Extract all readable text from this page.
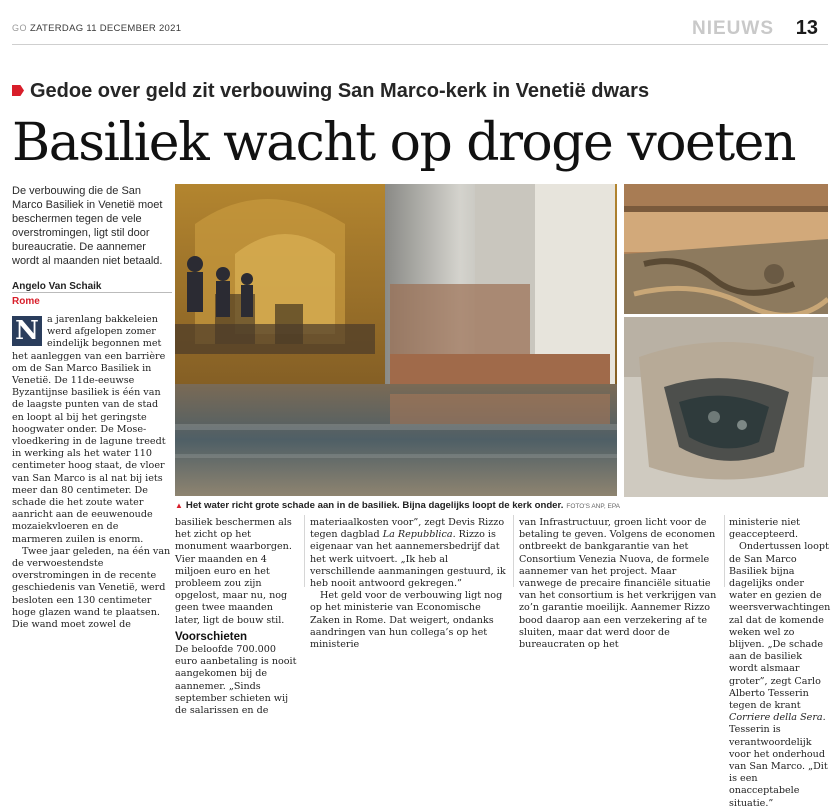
GO ZATERDAG 11 DECEMBER 2021	NIEUWS 13
Gedoe over geld zit verbouwing San Marco-kerk in Venetië dwars
Basiliek wacht op droge voeten
De verbouwing die de San Marco Basiliek in Venetië moet beschermen tegen de vele overstromingen, ligt stil door bureaucratie. De aannemer wordt al maanden niet betaald.
Angelo Van Schaik
Rome

N a jarenlang bakkeleien werd afgelopen zomer eindelijk begonnen met het aanleggen van een barrière om de San Marco Basiliek in Venetië. De 11de-eeuwse Byzantijnse basiliek is één van de laagste punten van de stad en loopt al bij het geringste hoogwater onder. De Mose-vloedkering in de lagune treedt in werking als het water 110 centimeter hoog staat, de vloer van San Marco is al nat bij iets meer dan 80 centimeter. De schade die het zoute water aanricht aan de eeuwenoude mozaiekvloeren en de marmeren zuilen is enorm.

Twee jaar geleden, na één van de verwoestendste overstromingen in de recente geschiedenis van Venetië, werd besloten een 130 centimeter hoge glazen wand te plaatsen. Die wand moet zowel de

▲ Het water richt grote schade aan in de basiliek. Bijna dagelijks loopt de kerk onder. FOTO'S ANP, EPA

basiliek beschermen als het zicht op het monument waarborgen. Vier maanden en 4 miljoen euro en het probleem zou zijn opgelost, maar nu, nog geen twee maanden later, ligt de bouw stil.

Voorschieten

De beloofde 700.000 euro aanbetaling is nooit aangekomen bij de aannemer. „Sinds september schieten wij de salarissen en de

materiaalkosten voor”, zegt Devis Rizzo tegen dagblad La Repubblica. Rizzo is eigenaar van het aannemersbedrijf dat het werk uitvoert. „Ik heb al verschillende aanmaningen gestuurd, ik heb nooit antwoord gekregen.”

Het geld voor de verbouwing ligt nog op het ministerie van Economische Zaken in Rome. Dat weigert, ondanks aandringen van hun collega’s op het ministerie

van Infrastructuur, groen licht voor de betaling te geven. Volgens de economen ontbreekt de bankgarantie van het Consortium Venezia Nuova, de formele aannemer van het project. Maar vanwege de precaire financiële situatie van het consortium is het verkrijgen van zo’n garantie moeilijk. Aannemer Rizzo bood daarop aan een verzekering af te sluiten, maar dat werd door de bureaucraten op het

ministerie niet geaccepteerd.

Ondertussen loopt de San Marco Basiliek bijna dagelijks onder water en gezien de weersverwachtingen zal dat de komende weken wel zo blijven. „De schade aan de basiliek wordt alsmaar groter”, zegt Carlo Alberto Tesserin tegen de krant Corriere della Sera. Tesserin is verantwoordelijk voor het onderhoud van San Marco. „Dit is een onacceptabele situatie.”
